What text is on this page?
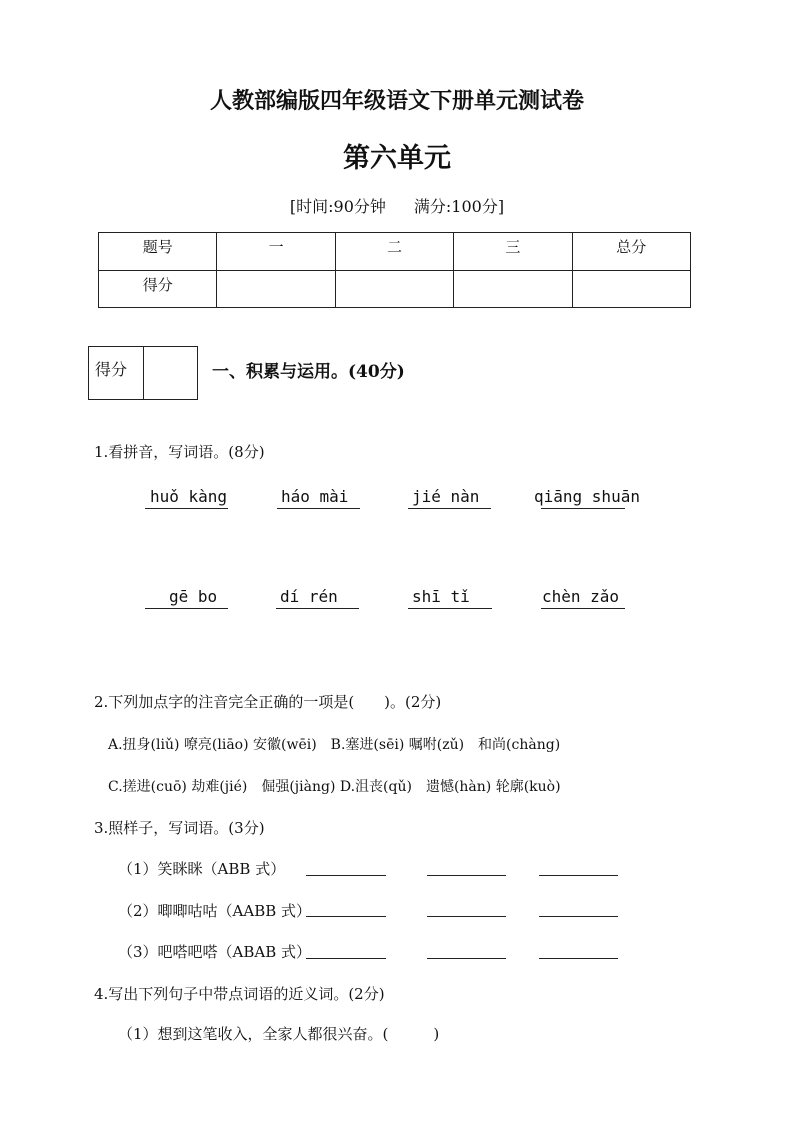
人教部编版四年级语文下册单元测试卷
第六单元
[时间:90分钟 满分:100分]
题号	一	二	三	总分
得分				
得分	一、积累与运用。(40分)
1.看拼音，写词语。(8分)
huǒ kàng	háo mài	jié nàn	qiāng shuān
gē bo	dí rén	shī tǐ	chèn zǎo
2.下列加点字的注音完全正确的一项是(　　)。(2分)
A.扭身(liǔ) 嘹亮(liāo) 安徽(wēi)　B.塞进(sēi) 嘱咐(zǔ)　和尚(chàng)
C.搓进(cuō) 劫难(jié)　倔强(jiàng) D.沮丧(qǔ)　遗憾(hàn) 轮廓(kuò)
3.照样子，写词语。(3分)
（1）笑眯眯（ABB 式）
（2）唧唧咕咕（AABB 式）
（3）吧嗒吧嗒（ABAB 式）
4.写出下列句子中带点词语的近义词。(2分)
（1）想到这笔收入，全家人都很兴奋。(　　　)
